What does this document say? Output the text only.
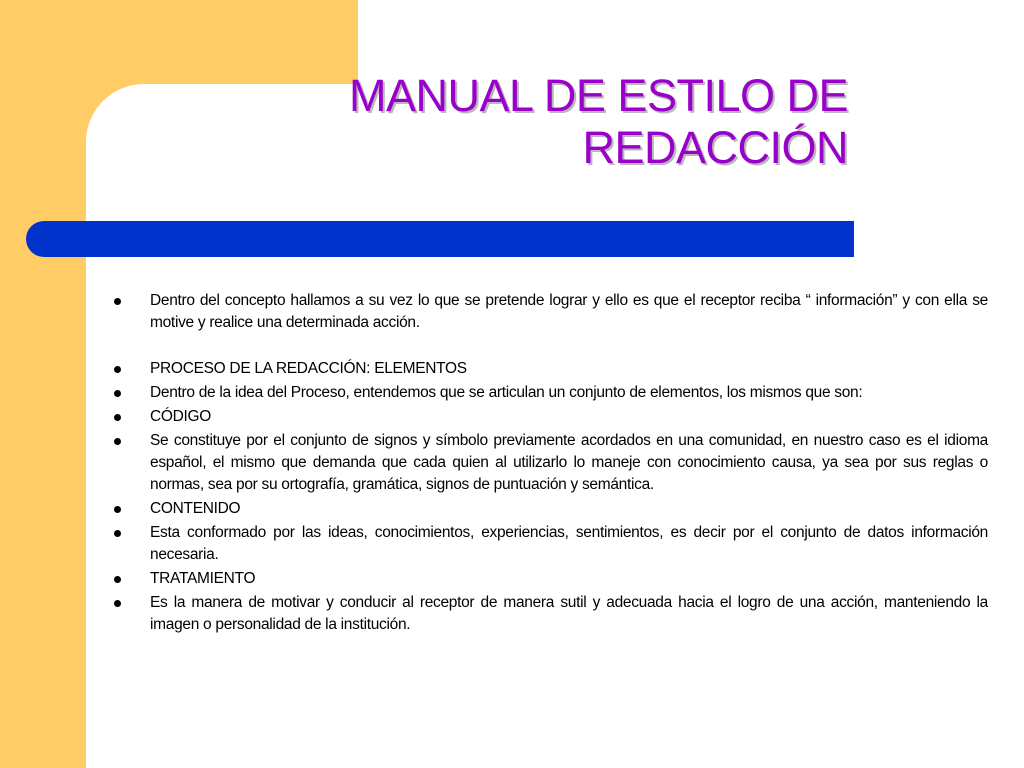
MANUAL DE ESTILO DE
REDACCIÓN
Dentro del concepto hallamos a su vez lo que se pretende lograr y ello es que el receptor reciba “ información” y con ella se motive y realice una determinada acción.
PROCESO DE LA REDACCIÓN: ELEMENTOS
Dentro de la idea del Proceso, entendemos que se articulan un conjunto de elementos, los mismos que son:
CÓDIGO
Se constituye por el conjunto de signos y símbolo previamente acordados en una comunidad, en nuestro caso es el idioma español, el mismo que demanda que cada quien al utilizarlo lo maneje con conocimiento causa, ya sea por sus reglas o normas, sea por su ortografía, gramática, signos de puntuación y semántica.
CONTENIDO
Esta conformado por las ideas, conocimientos, experiencias, sentimientos, es decir por el conjunto de datos información necesaria.
TRATAMIENTO
Es la manera de motivar y conducir al receptor de manera sutil y adecuada hacia el logro de una acción, manteniendo la imagen o personalidad de la institución.
